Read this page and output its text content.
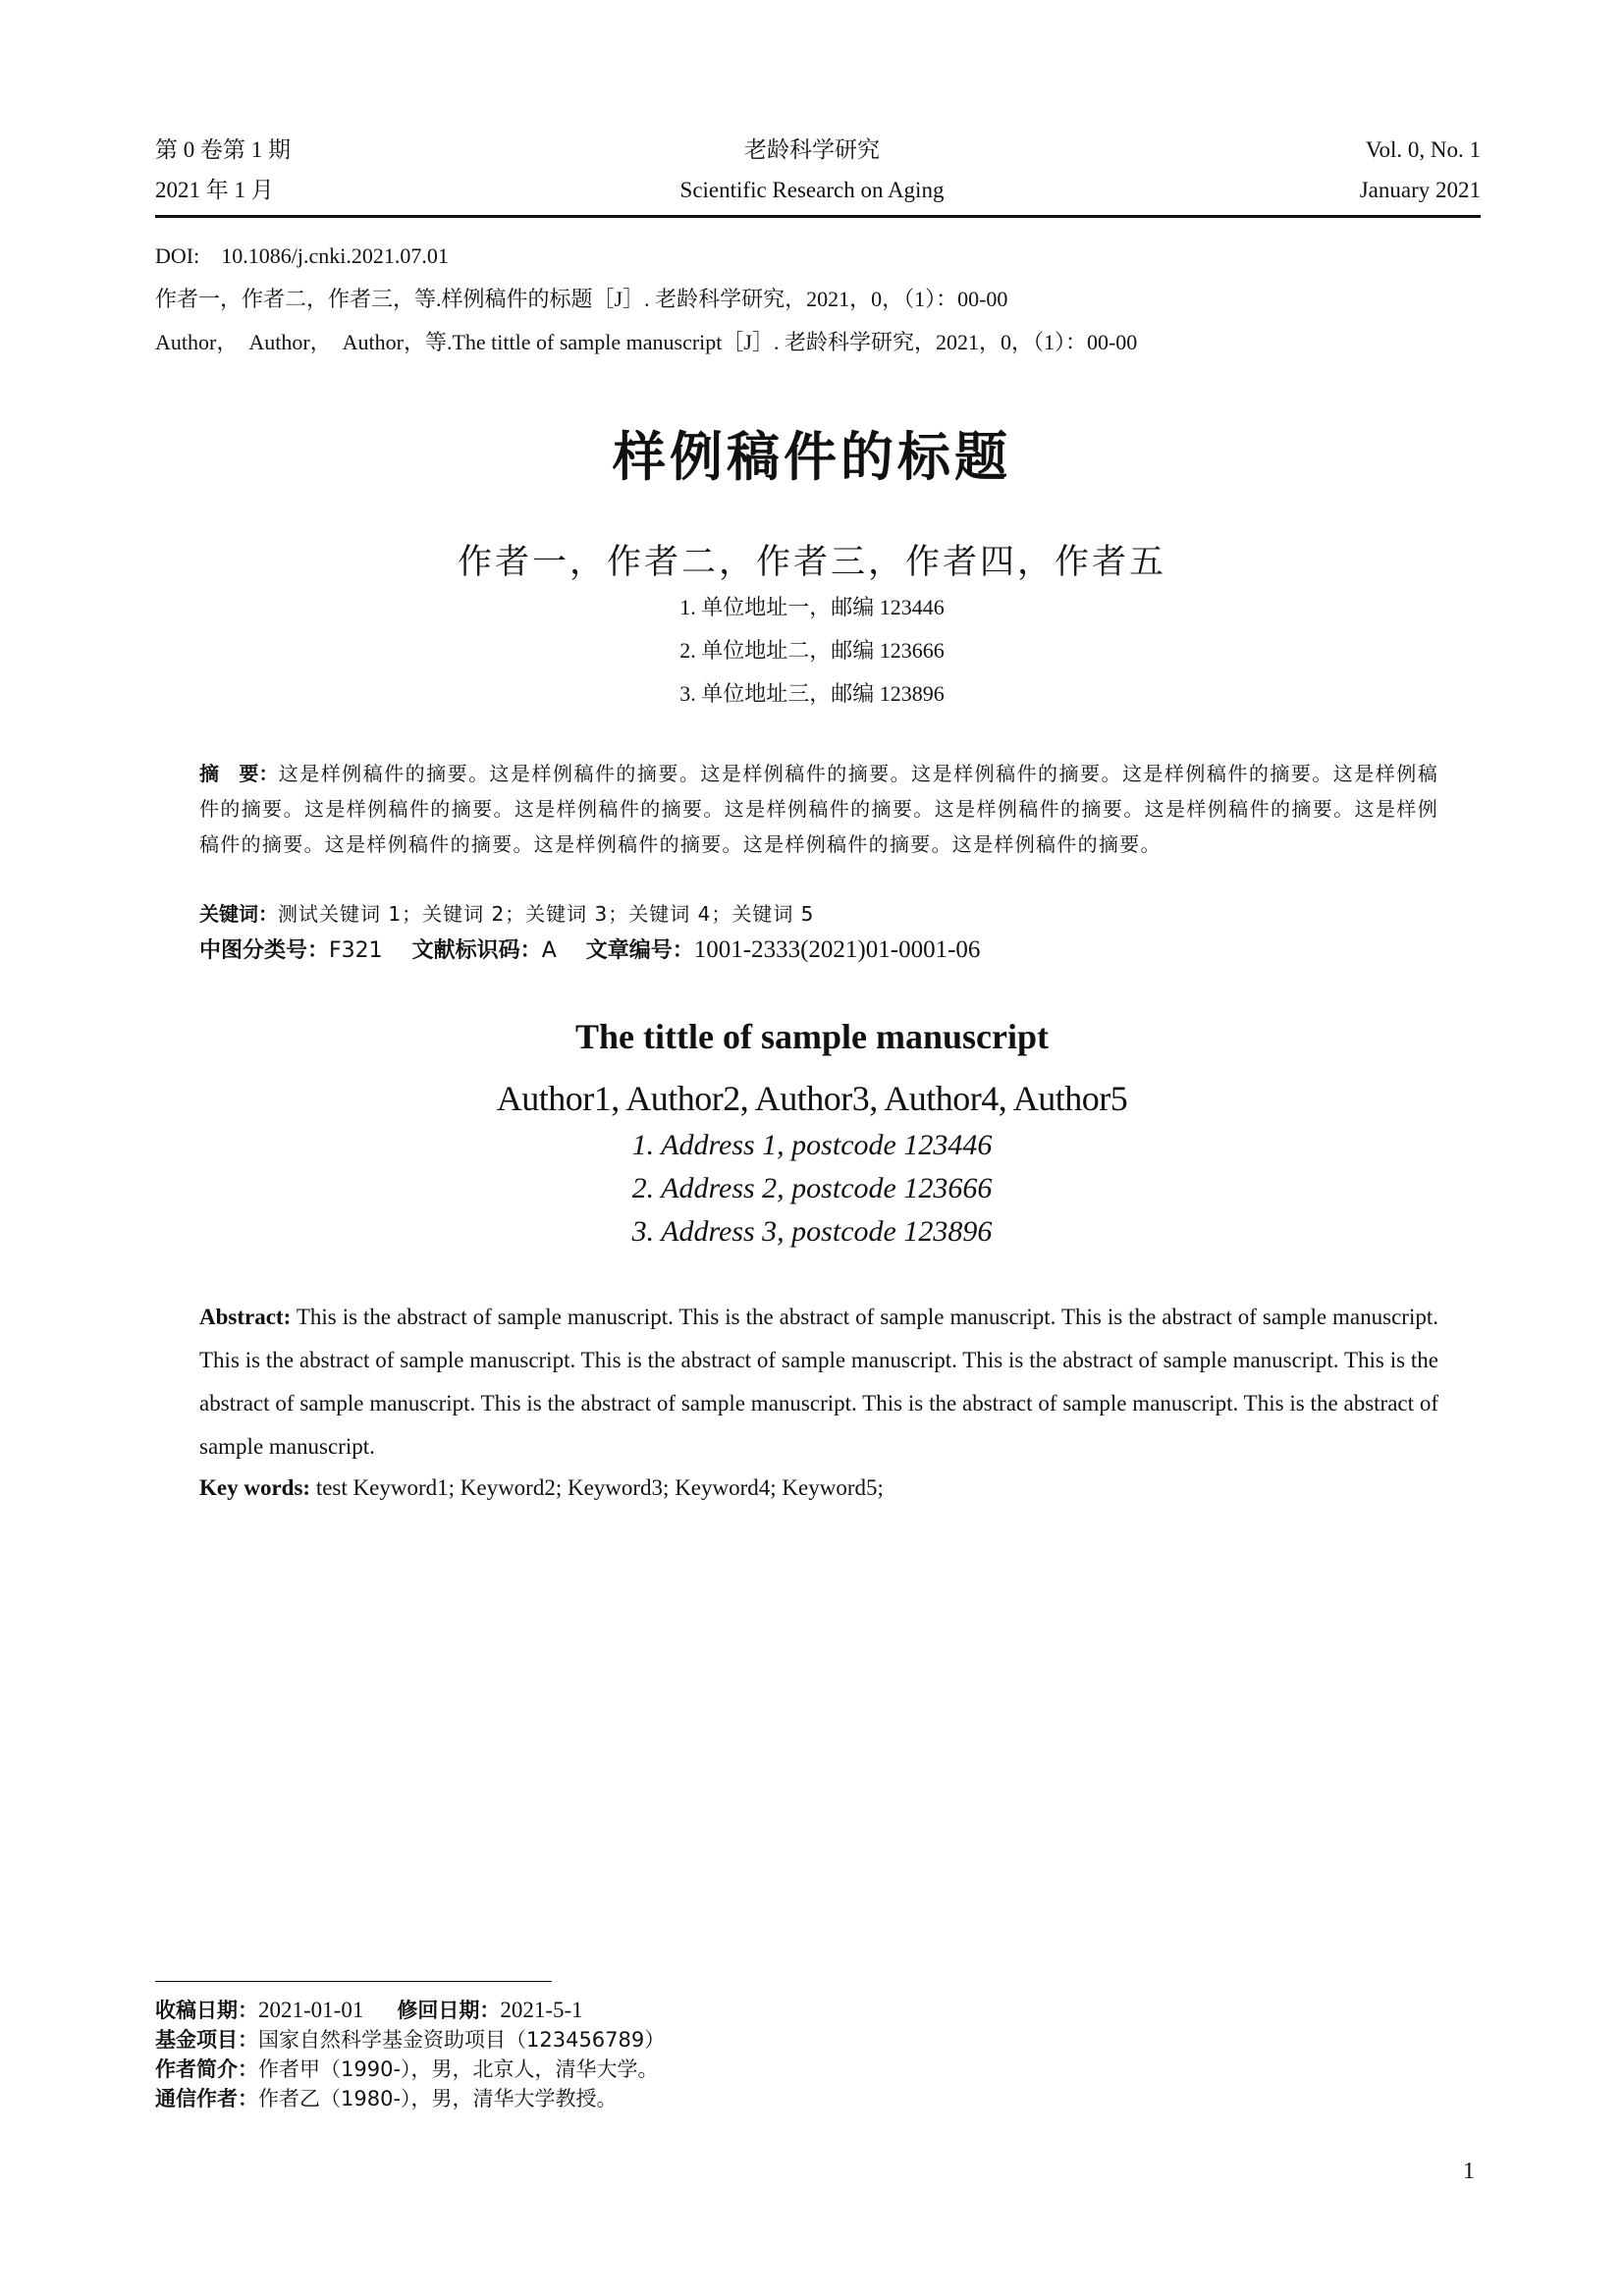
第 0 卷第 1 期
2021 年 1 月
老龄科学研究
Scientific Research on Aging
Vol. 0, No. 1
January 2021
DOI:　10.1086/j.cnki.2021.07.01
作者一，作者二，作者三，等.样例稿件的标题［J］. 老龄科学研究，2021，0，（1）：00-00
Author，　Author，　Author，等.The tittle of sample manuscript［J］. 老龄科学研究，2021，0，（1）：00-00
样例稿件的标题
作者一，作者二，作者三，作者四，作者五
1. 单位地址一，邮编 123446
2. 单位地址二，邮编 123666
3. 单位地址三，邮编 123896
摘　要：这是样例稿件的摘要。这是样例稿件的摘要。这是样例稿件的摘要。这是样例稿件的摘要。这是样例稿件的摘要。这是样例稿件的摘要。这是样例稿件的摘要。这是样例稿件的摘要。这是样例稿件的摘要。这是样例稿件的摘要。这是样例稿件的摘要。这是样例稿件的摘要。这是样例稿件的摘要。这是样例稿件的摘要。这是样例稿件的摘要。这是样例稿件的摘要。
关键词：测试关键词 1；关键词 2；关键词 3；关键词 4；关键词 5
中图分类号：F321 文献标识码：A 文章编号：1001-2333(2021)01-0001-06
The tittle of sample manuscript
Author1, Author2, Author3, Author4, Author5
1. Address 1, postcode 123446
2. Address 2, postcode 123666
3. Address 3, postcode 123896
Abstract: This is the abstract of sample manuscript. This is the abstract of sample manuscript. This is the abstract of sample manuscript. This is the abstract of sample manuscript. This is the abstract of sample manuscript. This is the abstract of sample manuscript. This is the abstract of sample manuscript. This is the abstract of sample manuscript. This is the abstract of sample manuscript. This is the abstract of sample manuscript.
Key words: test Keyword1; Keyword2; Keyword3; Keyword4; Keyword5;
收稿日期：2021-01-01 修回日期：2021-5-1
基金项目：国家自然科学基金资助项目（123456789）
作者简介：作者甲（1990-），男，北京人，清华大学。
通信作者：作者乙（1980-），男，清华大学教授。
1
